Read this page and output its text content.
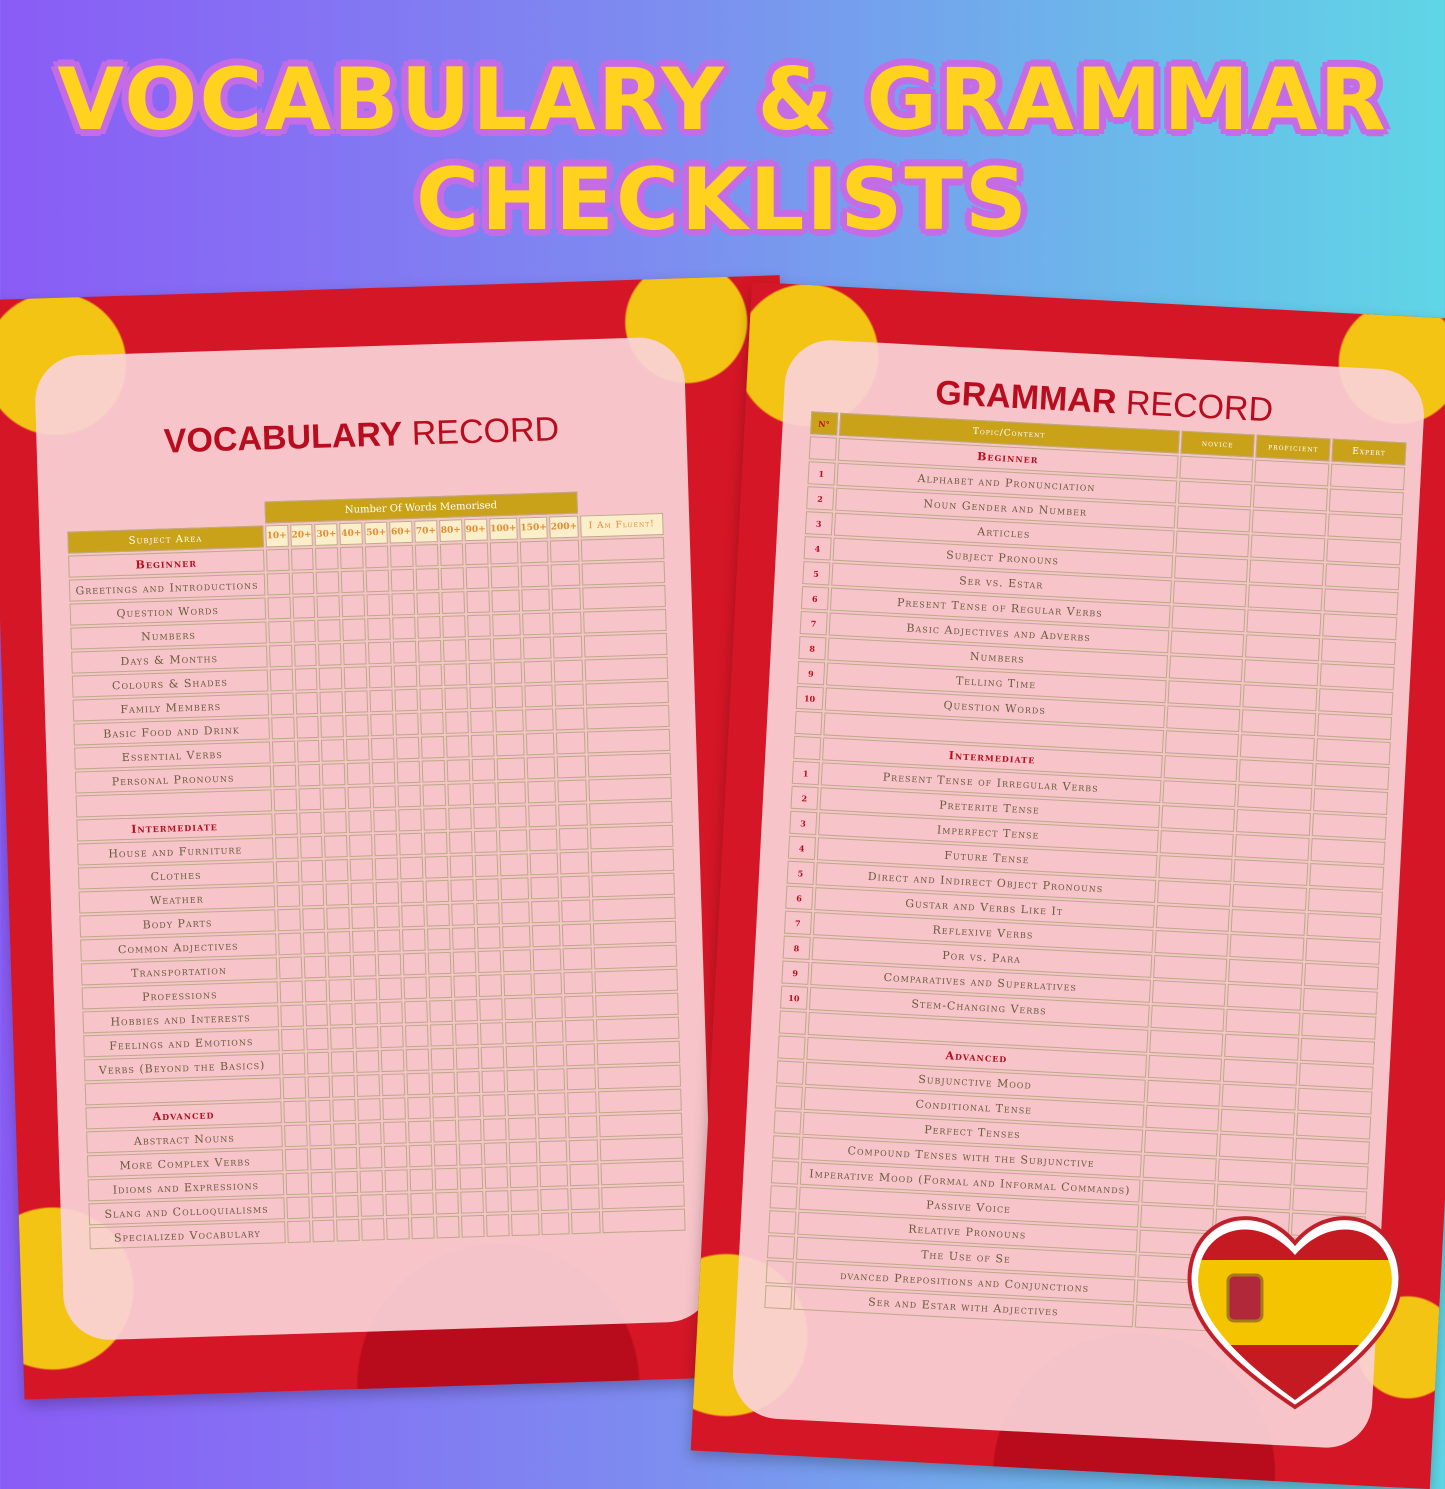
VOCABULARY & GRAMMAR
CHECKLISTS
VOCABULARY RECORD
	Number Of Words Memorised												
Subject Area	10+	20+	30+	40+	50+	60+	70+	80+	90+	100+	150+	200+	I Am Fluent!
Beginner													
Greetings and Introductions													
Question Words													
Numbers													
Days & Months													
Colours & Shades													
Family Members													
Basic Food and Drink													
Essential Verbs													
Personal Pronouns													

Intermediate													
House and Furniture													
Clothes													
Weather													
Body Parts													
Common Adjectives													
Transportation													
Professions													
Hobbies and Interests													
Feelings and Emotions													
Verbs (Beyond the Basics)													

Advanced													
Abstract Nouns													
More Complex Verbs													
Idioms and Expressions													
Slang and Colloquialisms													
Specialized Vocabulary													
GRAMMAR RECORD
N°	Topic/Content	novice	proficient	Expert
	Beginner			
1	Alphabet and Pronunciation			
2	Noun Gender and Number			
3	Articles			
4	Subject Pronouns			
5	Ser vs. Estar			
6	Present Tense of Regular Verbs			
7	Basic Adjectives and Adverbs			
8	Numbers			
9	Telling Time			
10	Question Words			

	Intermediate			
1	Present Tense of Irregular Verbs			
2	Preterite Tense			
3	Imperfect Tense			
4	Future Tense			
5	Direct and Indirect Object Pronouns			
6	Gustar and Verbs Like It			
7	Reflexive Verbs			
8	Por vs. Para			
9	Comparatives and Superlatives			
10	Stem-Changing Verbs			

	Advanced			
	Subjunctive Mood			
	Conditional Tense			
	Perfect Tenses			
	Compound Tenses with the Subjunctive			
	Imperative Mood (Formal and Informal Commands)			
	Passive Voice			
	Relative Pronouns			
	The Use of Se			
	dvanced Prepositions and Conjunctions			
	Ser and Estar with Adjectives			
